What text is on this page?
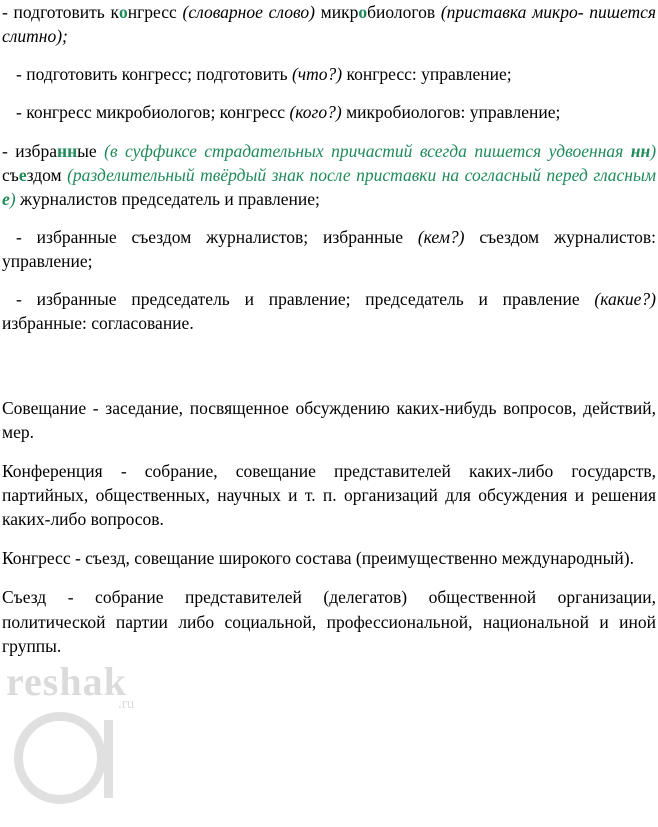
- подготовить конгресс (словарное слово) микробиологов (приставка микро- пишется слитно);

- подготовить конгресс; подготовить (что?) конгресс: управление;

- конгресс микробиологов; конгресс (кого?) микробиологов: управление;

- избранные (в суффиксе страдательных причастий всегда пишется удвоенная нн) съездом (разделительный твёрдый знак после приставки на согласный перед гласным е) журналистов председатель и правление;

- избранные съездом журналистов; избранные (кем?) съездом журналистов: управление;

- избранные председатель и правление; председатель и правление (какие?) избранные: согласование.

Совещание - заседание, посвященное обсуждению каких-нибудь вопросов, действий, мер.

Конференция - собрание, совещание представителей каких-либо государств, партийных, общественных, научных и т. п. организаций для обсуждения и решения каких-либо вопросов.

Конгресс - съезд, совещание широкого состава (преимущественно международный).

Съезд - собрание представителей (делегатов) общественной организации, политической партии либо социальной, профессиональной, национальной и иной группы.

reshak
.ru
